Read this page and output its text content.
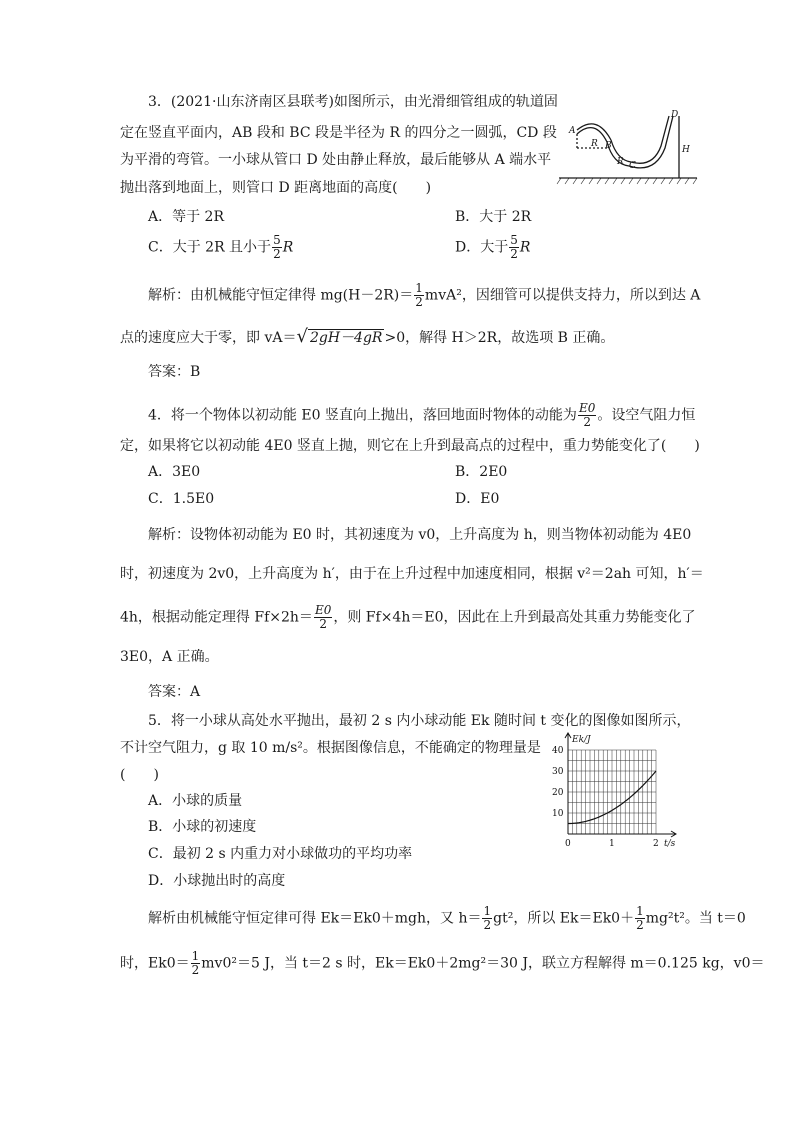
3．(2021·山东济南区县联考)如图所示，由光滑细管组成的轨道固
定在竖直平面内，AB 段和 BC 段是半径为 R 的四分之一圆弧，CD 段
为平滑的弯管。一小球从管口 D 处由静止释放，最后能够从 A 端水平
抛出落到地面上，则管口 D 距离地面的高度(　　)
A
B
C
D
R
R
H
A．等于 2R	B．大于 2R
C．大于 2R 且小于 $\frac{5}{2}$ R	D．大于 $\frac{5}{2}$ R
解析：由机械能守恒定律得 $mg(H-2R)= \frac{1}{2} mvA^2$，因细管可以提供支持力，所以到达 A
点的速度应大于零，即 vA＝√ 2gH－4gR >0，解得 H＞2R，故选项 B 正确。
答案：B
4．将一个物体以初动能 E0 竖直向上抛出，落回地面时物体的动能为 $\frac{E0}{2}$ 。设空气阻力恒
定，如果将它以初动能 4E0 竖直上抛，则它在上升到最高点的过程中，重力势能变化了(　　)
A．3E0	B．2E0
C．1.5E0	D．E0
解析：设物体初动能为 E0 时，其初速度为 v0，上升高度为 h，则当物体初动能为 4E0
时，初速度为 2v0，上升高度为 h′，由于在上升过程中加速度相同，根据 v²＝2ah 可知，h′＝
4h，根据动能定理得 $Ff\times 2h= \frac{E0}{2}$ ，则 Ff×4h＝E0，因此在上升到最高处其重力势能变化了
3E0，A 正确。
答案：A
5．将一小球从高处水平抛出，最初 2 s 内小球动能 Ek 随时间 t 变化的图像如图所示，
不计空气阻力，g 取 10 m/s²。根据图像信息，不能确定的物理量是
(　　)
A．小球的质量
B．小球的初速度
C．最初 2 s 内重力对小球做功的平均功率
D．小球抛出时的高度
10
20
30
40
0	1	2
Ek/J
t/s
解析由机械能守恒定律可得 Ek＝Ek0＋mgh，又 $h= \frac{1}{2} gt^2$，所以 $Ek=Ek0+ \frac{1}{2} mg^2t^2$。当 t＝0
时，$Ek0= \frac{1}{2} mv0^2=5$ J，当 t＝2 s 时，Ek＝Ek0＋2mg²＝30 J，联立方程解得 m＝0.125 kg，v0＝
